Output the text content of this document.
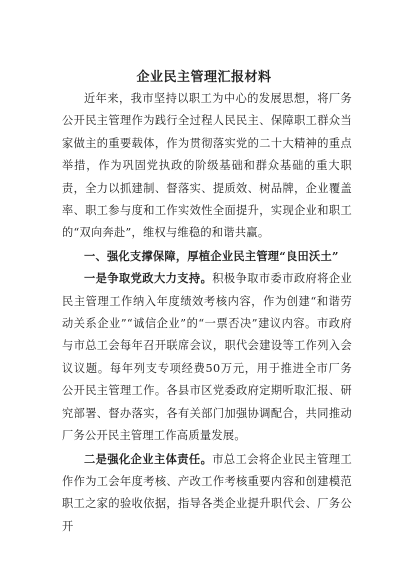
企业民主管理汇报材料

近年来，我市坚持以职工为中心的发展思想，将厂务公开民主管理作为践行全过程人民民主、保障职工群众当家做主的重要载体，作为贯彻落实党的二十大精神的重点举措，作为巩固党执政的阶级基础和群众基础的重大职责，全力以抓建制、督落实、提质效、树品牌，企业覆盖率、职工参与度和工作实效性全面提升，实现企业和职工的“双向奔赴”，维权与维稳的和谐共赢。

一、强化支撑保障，厚植企业民主管理“良田沃土”

一是争取党政大力支持。积极争取市委市政府将企业民主管理工作纳入年度绩效考核内容，作为创建“和谐劳动关系企业”“诚信企业”的“一票否决”建议内容。市政府与市总工会每年召开联席会议，职代会建设等工作列入会议议题。每年列支专项经费50万元，用于推进全市厂务公开民主管理工作。各县市区党委政府定期听取汇报、研究部署、督办落实，各有关部门加强协调配合，共同推动厂务公开民主管理工作高质量发展。

二是强化企业主体责任。市总工会将企业民主管理工作作为工会年度考核、产改工作考核重要内容和创建模范职工之家的验收依据，指导各类企业提升职代会、厂务公开
